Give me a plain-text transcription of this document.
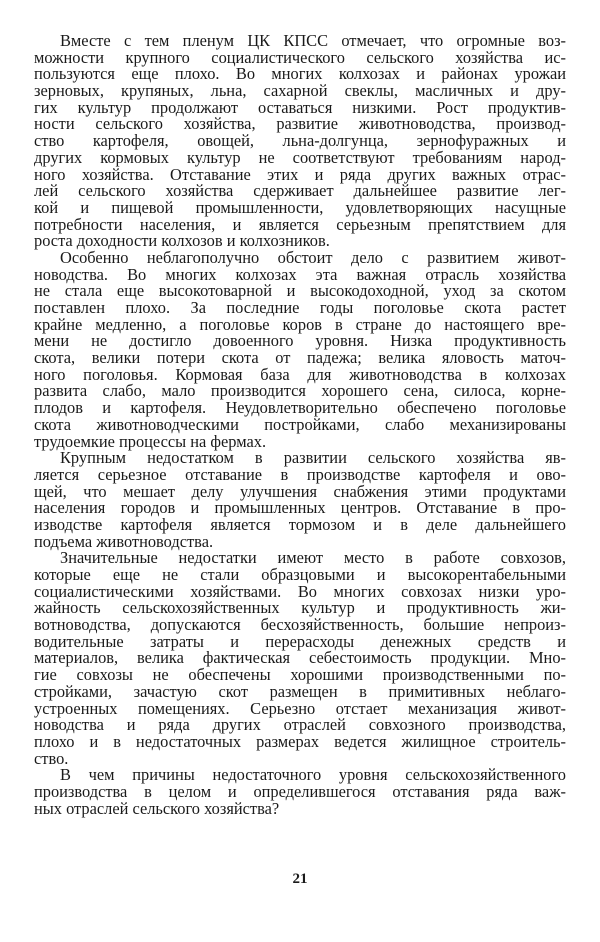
Вместе с тем пленум ЦК КПСС отмечает, что огромные воз-
можности крупного социалистического сельского хозяйства ис-
пользуются еще плохо. Во многих колхозах и районах урожаи
зерновых, крупяных, льна, сахарной свеклы, масличных и дру-
гих культур продолжают оставаться низкими. Рост продуктив-
ности сельского хозяйства, развитие животноводства, производ-
ство картофеля, овощей, льна-долгунца, зернофуражных и
других кормовых культур не соответствуют требованиям народ-
ного хозяйства. Отставание этих и ряда других важных отрас-
лей сельского хозяйства сдерживает дальнейшее развитие лег-
кой и пищевой промышленности, удовлетворяющих насущные
потребности населения, и является серьезным препятствием для
роста доходности колхозов и колхозников.
Особенно неблагополучно обстоит дело с развитием живот-
новодства. Во многих колхозах эта важная отрасль хозяйства
не стала еще высокотоварной и высокодоходной, уход за скотом
поставлен плохо. За последние годы поголовье скота растет
крайне медленно, а поголовье коров в стране до настоящего вре-
мени не достигло довоенного уровня. Низка продуктивность
скота, велики потери скота от падежа; велика яловость маточ-
ного поголовья. Кормовая база для животноводства в колхозах
развита слабо, мало производится хорошего сена, силоса, корне-
плодов и картофеля. Неудовлетворительно обеспечено поголовье
скота животноводческими постройками, слабо механизированы
трудоемкие процессы на фермах.
Крупным недостатком в развитии сельского хозяйства яв-
ляется серьезное отставание в производстве картофеля и ово-
щей, что мешает делу улучшения снабжения этими продуктами
населения городов и промышленных центров. Отставание в про-
изводстве картофеля является тормозом и в деле дальнейшего
подъема животноводства.
Значительные недостатки имеют место в работе совхозов,
которые еще не стали образцовыми и высокорентабельными
социалистическими хозяйствами. Во многих совхозах низки уро-
жайность сельскохозяйственных культур и продуктивность жи-
вотноводства, допускаются бесхозяйственность, большие непроиз-
водительные затраты и перерасходы денежных средств и
материалов, велика фактическая себестоимость продукции. Мно-
гие совхозы не обеспечены хорошими производственными по-
стройками, зачастую скот размещен в примитивных неблаго-
устроенных помещениях. Серьезно отстает механизация живот-
новодства и ряда других отраслей совхозного производства,
плохо и в недостаточных размерах ведется жилищное строитель-
ство.
В чем причины недостаточного уровня сельскохозяйственного
производства в целом и определившегося отставания ряда важ-
ных отраслей сельского хозяйства?
21
